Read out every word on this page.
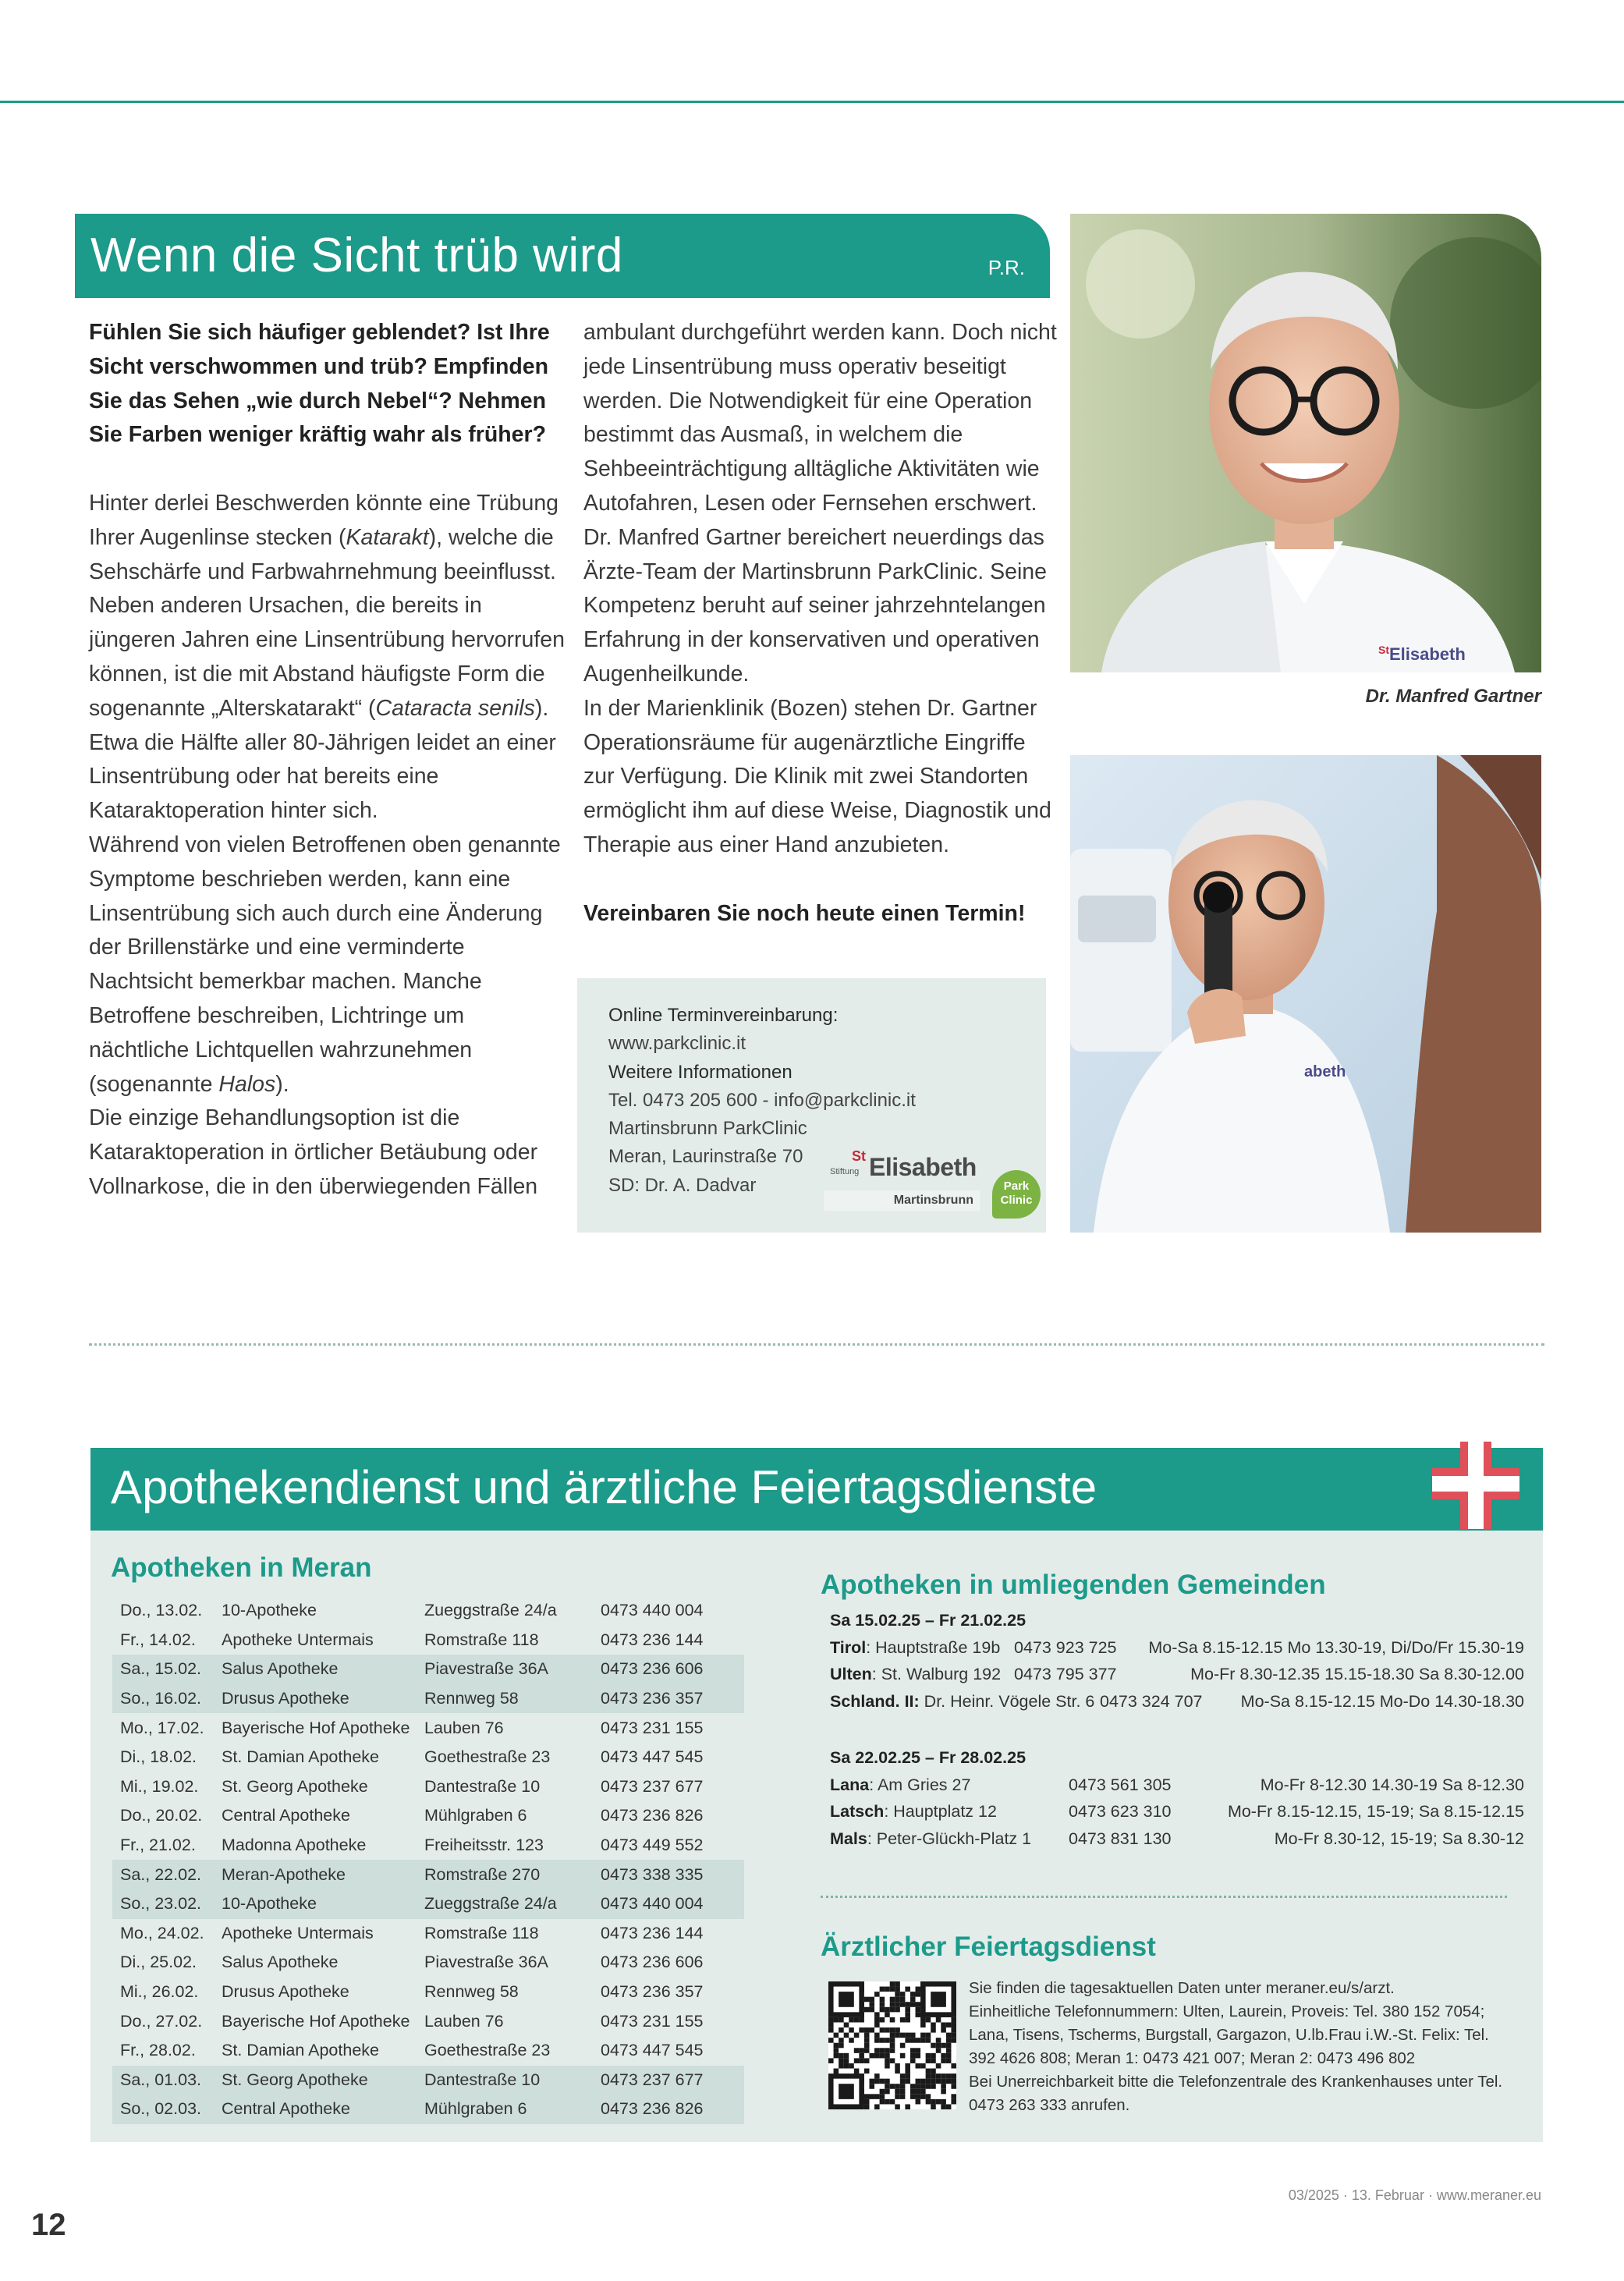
Wenn die Sicht trüb wird	P.R.

Fühlen Sie sich häufiger geblendet? Ist Ihre Sicht verschwommen und trüb? Empfinden Sie das Sehen „wie durch Nebel“? Nehmen Sie Farben weniger kräftig wahr als früher?

Hinter derlei Beschwerden könnte eine Trübung Ihrer Augenlinse stecken (Katarakt), welche die Sehschärfe und Farbwahrnehmung beeinflusst.

Neben anderen Ursachen, die bereits in jüngeren Jahren eine Linsentrübung hervorrufen können, ist die mit Abstand häufigste Form die sogenannte „Alterskatarakt“ (Cataracta senils).

Etwa die Hälfte aller 80-Jährigen leidet an einer Linsentrübung oder hat bereits eine Kataraktoperation hinter sich.

Während von vielen Betroffenen oben genannte Symptome beschrieben werden, kann eine Linsentrübung sich auch durch eine Änderung der Brillenstärke und eine verminderte Nachtsicht bemerkbar machen. Manche Betroffene beschreiben, Lichtringe um nächtliche Lichtquellen wahrzunehmen (sogenannte Halos).

Die einzige Behandlungsoption ist die Kataraktoperation in örtlicher Betäubung oder Vollnarkose, die in den überwiegenden Fällen

ambulant durchgeführt werden kann. Doch nicht jede Linsentrübung muss operativ beseitigt werden. Die Notwendigkeit für eine Operation bestimmt das Ausmaß, in welchem die Sehbeeinträchtigung alltägliche Aktivitäten wie Autofahren, Lesen oder Fernsehen erschwert.

Dr. Manfred Gartner bereichert neuerdings das Ärzte-Team der Martinsbrunn ParkClinic. Seine Kompetenz beruht auf seiner jahrzehntelangen Erfahrung in der konservativen und operativen Augenheilkunde.

In der Marienklinik (Bozen) stehen Dr. Gartner Operationsräume für augenärztliche Eingriffe zur Verfügung. Die Klinik mit zwei Standorten ermöglicht ihm auf diese Weise, Diagnostik und Therapie aus einer Hand anzubieten.

Vereinbaren Sie noch heute einen Termin!

Online Terminvereinbarung:
www.parkclinic.it
Weitere Informationen
Tel. 0473 205 600 - info@parkclinic.it
Martinsbrunn ParkClinic
Meran, Laurinstraße 70
SD: Dr. A. Dadvar
Stiftung
St Elisabeth
Martinsbrunn
Park
Clinic
$^{St}$Elisabeth
Dr. Manfred Gartner
abeth
Apothekendienst und ärztliche Feiertagsdienste
Apotheken in Meran
Do., 13.02.	10-Apotheke	Zueggstraße 24/a	0473 440 004
Fr., 14.02.	Apotheke Untermais	Romstraße 118	0473 236 144
Sa., 15.02.	Salus Apotheke	Piavestraße 36A	0473 236 606
So., 16.02.	Drusus Apotheke	Rennweg 58	0473 236 357
Mo., 17.02.	Bayerische Hof Apotheke	Lauben 76	0473 231 155
Di., 18.02.	St. Damian Apotheke	Goethestraße 23	0473 447 545
Mi., 19.02.	St. Georg Apotheke	Dantestraße 10	0473 237 677
Do., 20.02.	Central Apotheke	Mühlgraben 6	0473 236 826
Fr., 21.02.	Madonna Apotheke	Freiheitsstr. 123	0473 449 552
Sa., 22.02.	Meran-Apotheke	Romstraße 270	0473 338 335
So., 23.02.	10-Apotheke	Zueggstraße 24/a	0473 440 004
Mo., 24.02.	Apotheke Untermais	Romstraße 118	0473 236 144
Di., 25.02.	Salus Apotheke	Piavestraße 36A	0473 236 606
Mi., 26.02.	Drusus Apotheke	Rennweg 58	0473 236 357
Do., 27.02.	Bayerische Hof Apotheke	Lauben 76	0473 231 155
Fr., 28.02.	St. Damian Apotheke	Goethestraße 23	0473 447 545
Sa., 01.03.	St. Georg Apotheke	Dantestraße 10	0473 237 677
So., 02.03.	Central Apotheke	Mühlgraben 6	0473 236 826
Apotheken in umliegenden Gemeinden
Sa 15.02.25 – Fr 21.02.25
Tirol: Hauptstraße 19b 0473 923 725 Mo-Sa 8.15-12.15 Mo 13.30-19, Di/Do/Fr 15.30-19
Ulten: St. Walburg 192 0473 795 377	Mo-Fr 8.30-12.35 15.15-18.30 Sa 8.30-12.00
Schland. II: Dr. Heinr. Vögele Str. 6 0473 324 707 Mo-Sa 8.15-12.15 Mo-Do 14.30-18.30
Sa 22.02.25 – Fr 28.02.25
Lana: Am Gries 27	0473 561 305	Mo-Fr 8-12.30 14.30-19 Sa 8-12.30
Latsch: Hauptplatz 12	0473 623 310	Mo-Fr 8.15-12.15, 15-19; Sa 8.15-12.15
Mals: Peter-Glückh-Platz 1 0473 831 130	Mo-Fr 8.30-12, 15-19; Sa 8.30-12
Ärztlicher Feiertagsdienst

Sie finden die tagesaktuellen Daten unter meraner.eu/s/arzt.

Einheitliche Telefonnummern: Ulten, Laurein, Proveis: Tel. 380 152 7054; Lana, Tisens, Tscherms, Burgstall, Gargazon, U.lb.Frau i.W.-St. Felix: Tel. 392 4626 808; Meran 1: 0473 421 007; Meran 2: 0473 496 802

Bei Unerreichbarkeit bitte die Telefonzentrale des Krankenhauses unter Tel. 0473 263 333 anrufen.

03/2025 · 13. Februar · www.meraner.eu
12
